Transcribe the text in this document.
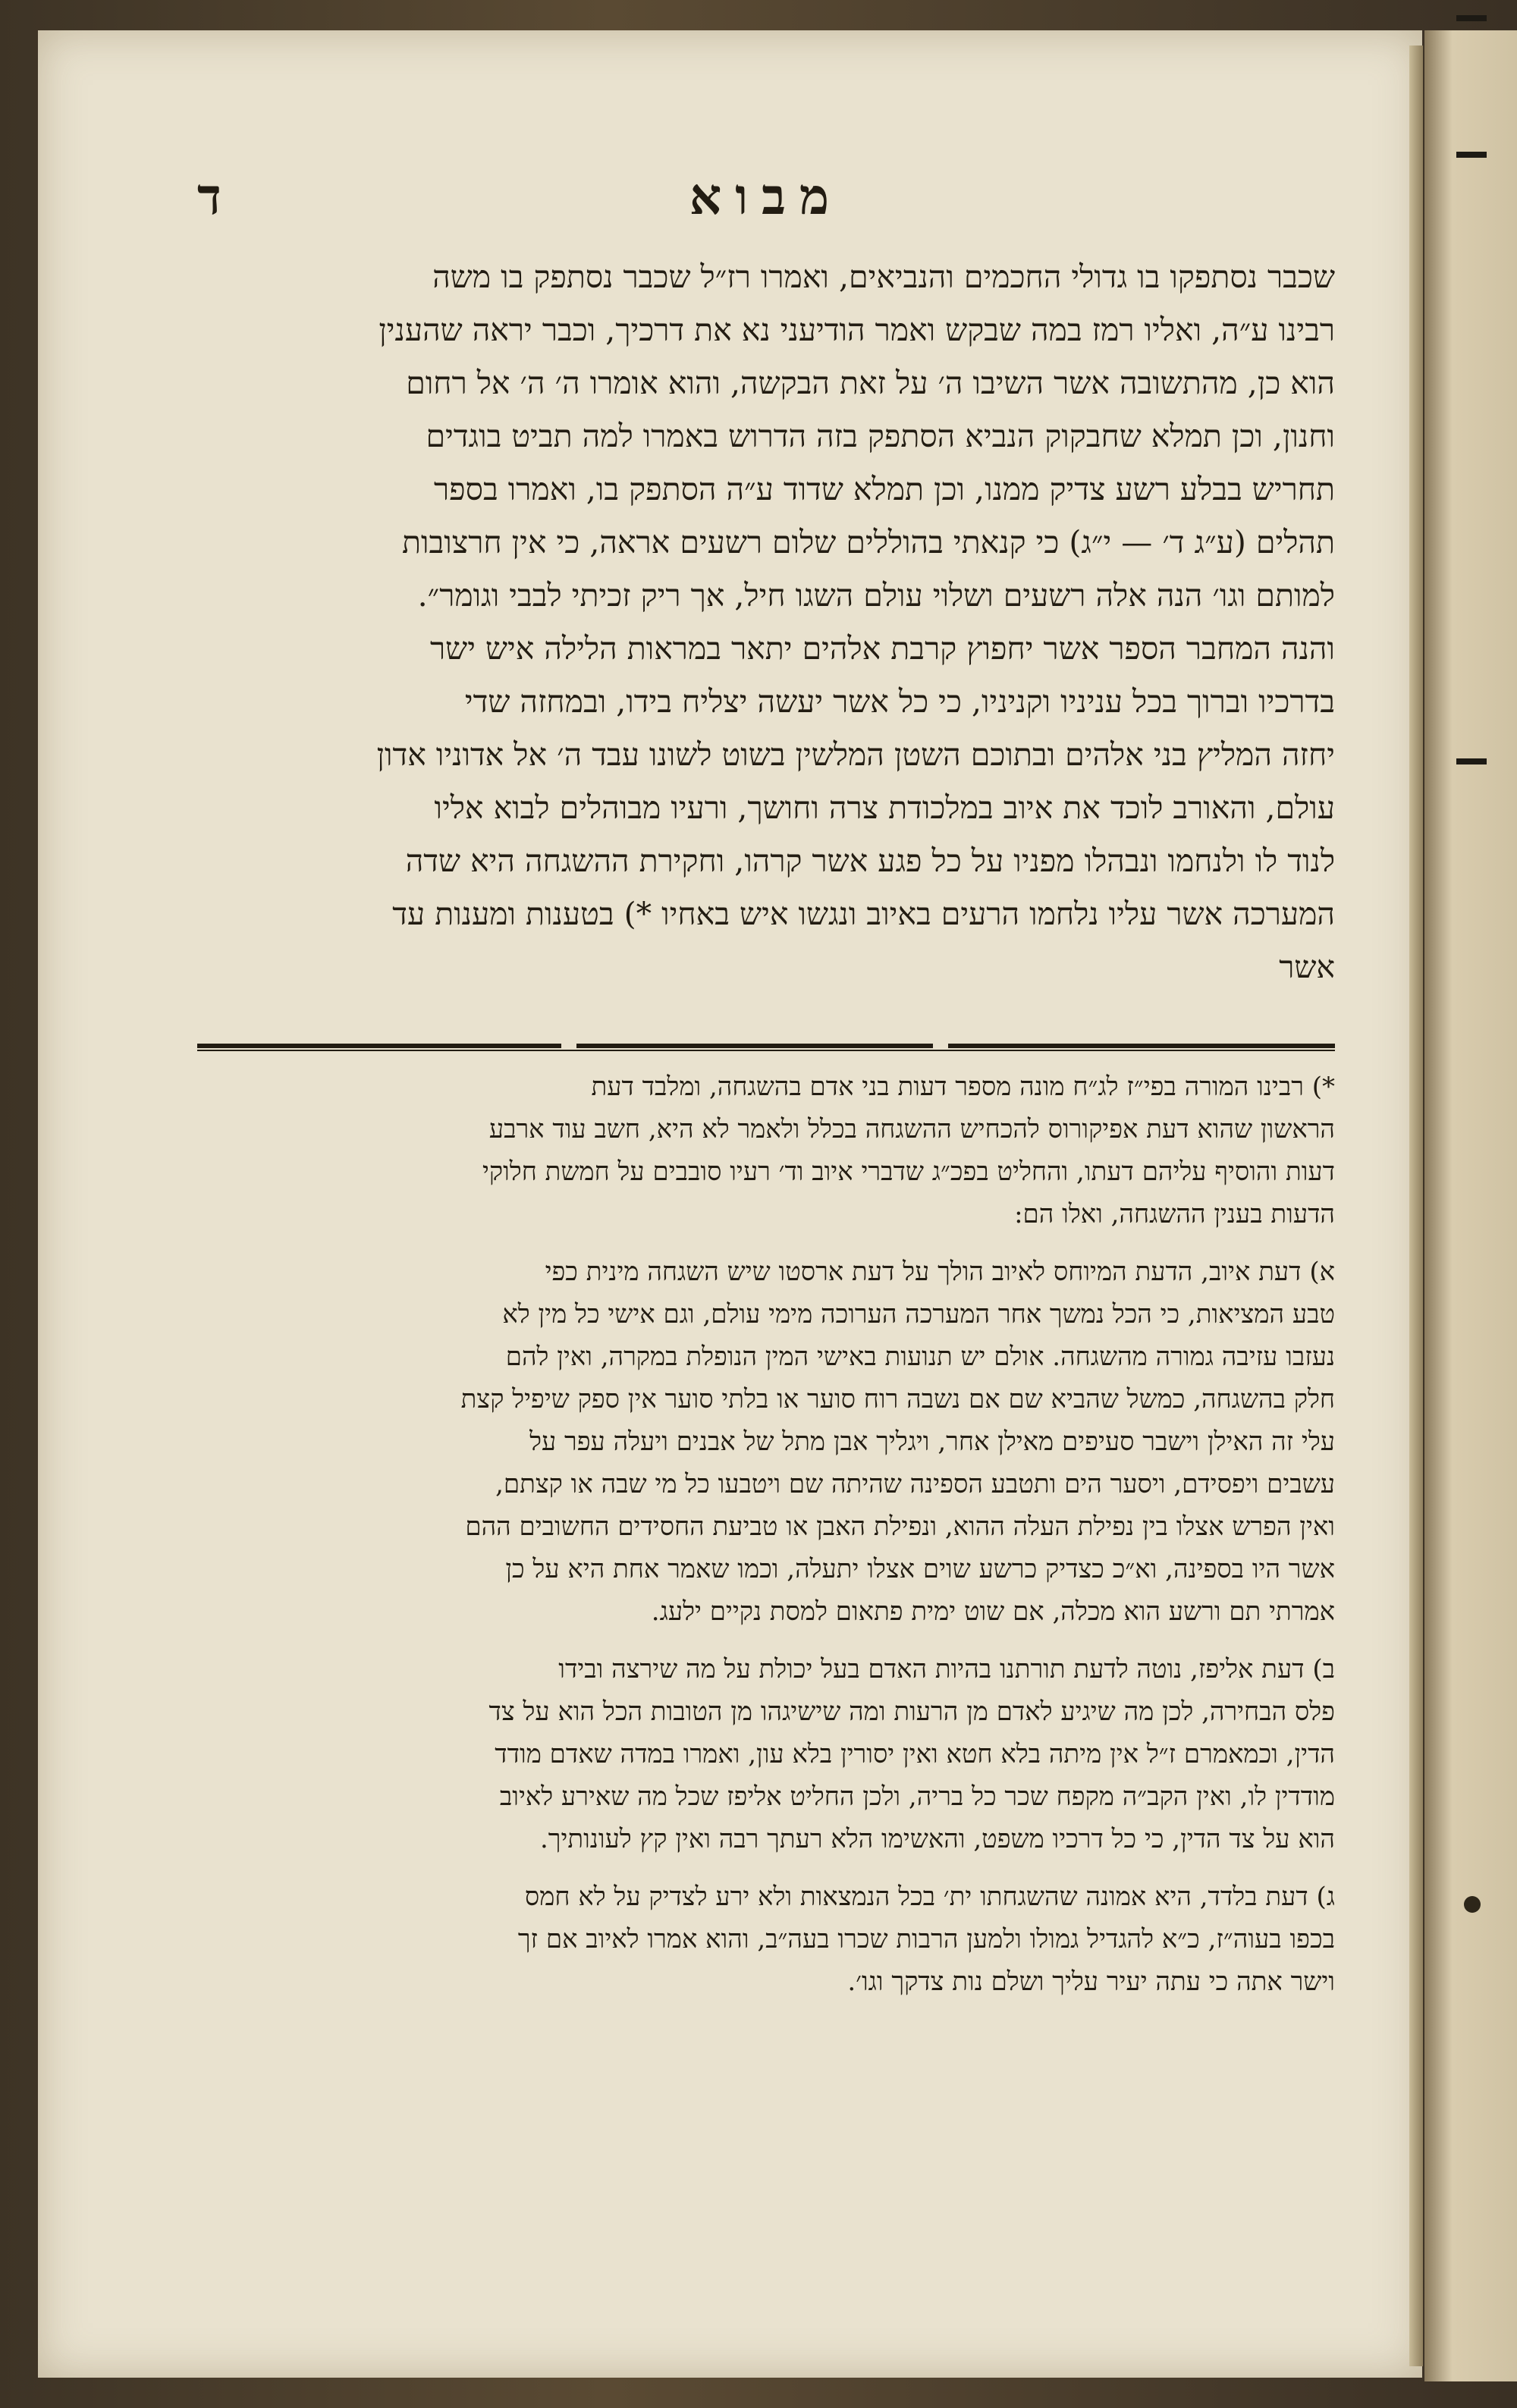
מבוא
ד
שכבר נסתפקו בו גדולי החכמים והנביאים, ואמרו רז״ל שכבר נסתפק בו משה
רבינו ע״ה, ואליו רמז במה שבקש ואמר הודיעני נא את דרכיך, וכבר יראה שהענין
הוא כן, מהתשובה אשר השיבו ה׳ על זאת הבקשה, והוא אומרו ה׳ ה׳ אל רחום
וחנון, וכן תמלא שחבקוק הנביא הסתפק בזה הדרוש באמרו למה תביט בוגדים
תחריש בבלע רשע צדיק ממנו, וכן תמלא שדוד ע״ה הסתפק בו, ואמרו בספר
תהלים (ע״ג ד׳ — י״ג) כי קנאתי בהוללים שלום רשעים אראה, כי אין חרצובות
למותם וגו׳ הנה אלה רשעים ושלוי עולם השגו חיל, אך ריק זכיתי לבבי וגומר״.
והנה המחבר הספר אשר יחפוץ קרבת אלהים יתאר במראות הלילה איש ישר
בדרכיו וברוך בכל עניניו וקניניו, כי כל אשר יעשה יצליח בידו, ובמחזה שדי
יחזה המליץ בני אלהים ובתוכם השטן המלשין בשוט לשונו עבד ה׳ אל אדוניו אדון
עולם, והאורב לוכד את איוב במלכודת צרה וחושך, ורעיו מבוהלים לבוא אליו
לנוד לו ולנחמו ונבהלו מפניו על כל פגע אשר קרהו, וחקירת ההשגחה היא שדה
המערכה אשר עליו נלחמו הרעים באיוב ונגשו איש באחיו *) בטענות ומענות עד
אשר
*) רבינו המורה בפי״ז לג״ח מונה מספר דעות בני אדם בהשגחה, ומלבד דעת
הראשון שהוא דעת אפיקורוס להכחיש ההשגחה בכלל ולאמר לא היא, חשב עוד ארבע
דעות והוסיף עליהם דעתו, והחליט בפכ״ג שדברי איוב וד׳ רעיו סובבים על חמשת חלוקי
הדעות בענין ההשגחה, ואלו הם:
א) דעת איוב, הדעת המיוחס לאיוב הולך על דעת ארסטו שיש השגחה מינית כפי
טבע המציאות, כי הכל נמשך אחר המערכה הערוכה מימי עולם, וגם אישי כל מין לא
נעזבו עזיבה גמורה מהשגחה. אולם יש תנועות באישי המין הנופלת במקרה, ואין להם
חלק בהשגחה, כמשל שהביא שם אם נשבה רוח סוער או בלתי סוער אין ספק שיפיל קצת
עלי זה האילן וישבר סעיפים מאילן אחר, ויגליך אבן מתל של אבנים ויעלה עפר על
עשבים ויפסידם, ויסער הים ותטבע הספינה שהיתה שם ויטבעו כל מי שבה או קצתם,
ואין הפרש אצלו בין נפילת העלה ההוא, ונפילת האבן או טביעת החסידים החשובים ההם
אשר היו בספינה, וא״כ כצדיק כרשע שוים אצלו יתעלה, וכמו שאמר אחת היא על כן
אמרתי תם ורשע הוא מכלה, אם שוט ימית פתאום למסת נקיים ילעג.
ב) דעת אליפז, נוטה לדעת תורתנו בהיות האדם בעל יכולת על מה שירצה ובידו
פלס הבחירה, לכן מה שיגיע לאדם מן הרעות ומה שישיגהו מן הטובות הכל הוא על צד
הדין, וכמאמרם ז״ל אין מיתה בלא חטא ואין יסורין בלא עון, ואמרו במדה שאדם מודד
מודדין לו, ואין הקב״ה מקפח שכר כל בריה, ולכן החליט אליפז שכל מה שאירע לאיוב
הוא על צד הדין, כי כל דרכיו משפט, והאשימו הלא רעתך רבה ואין קץ לעונותיך.
ג) דעת בלדד, היא אמונה שהשגחתו ית׳ בכל הנמצאות ולא ירע לצדיק על לא חמס
בכפו בעוה״ז, כ״א להגדיל גמולו ולמען הרבות שכרו בעה״ב, והוא אמרו לאיוב אם זך
וישר אתה כי עתה יעיר עליך ושלם נות צדקך וגו׳.
